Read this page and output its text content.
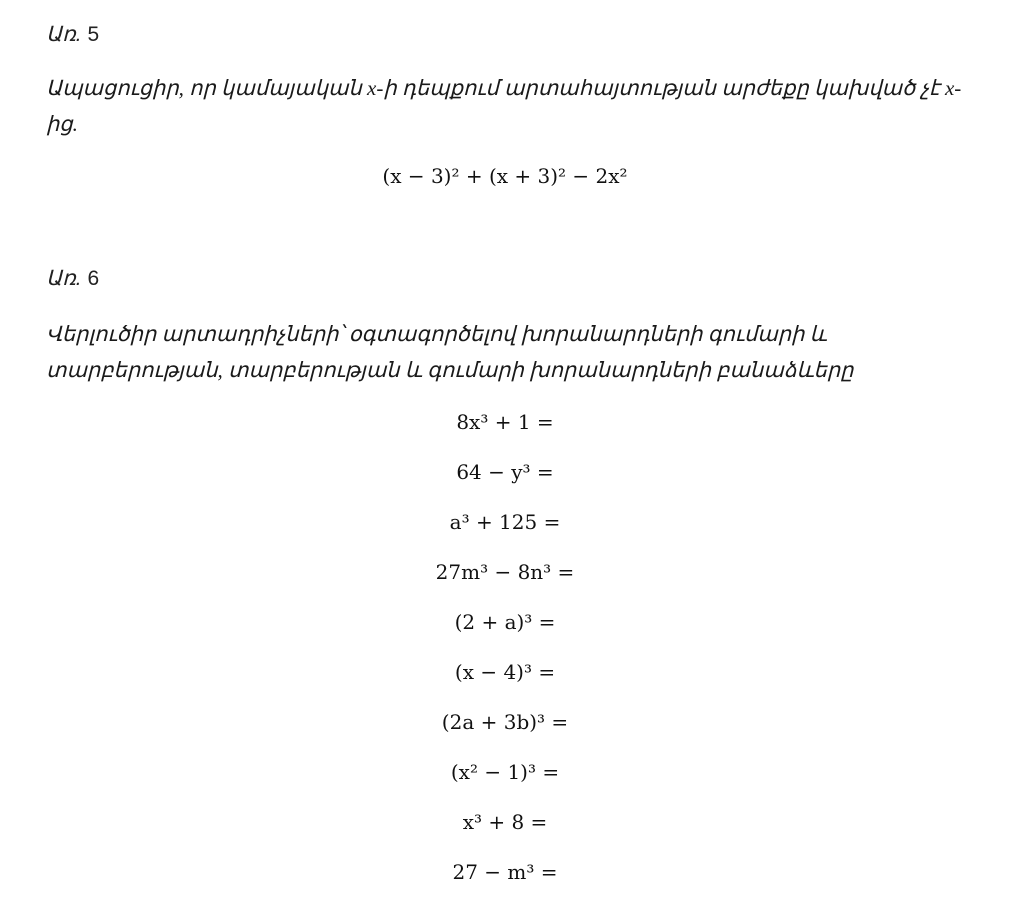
Առ. 5
Ապացուցիր, որ կամայական x-ի դեպքում արտահայտության արժեքը կախված չէ x-ից.
(x − 3)² + (x + 3)² − 2x²
Առ. 6
Վերլուծիր արտադրիչների՝ օգտագործելով խորանարդների գումարի և տարբերության, տարբերության և գումարի խորանարդների բանաձևերը
8x³ + 1 =
64 − y³ =
a³ + 125 =
27m³ − 8n³ =
(2 + a)³ =
(x − 4)³ =
(2a + 3b)³ =
(x² − 1)³ =
x³ + 8 =
27 − m³ =
